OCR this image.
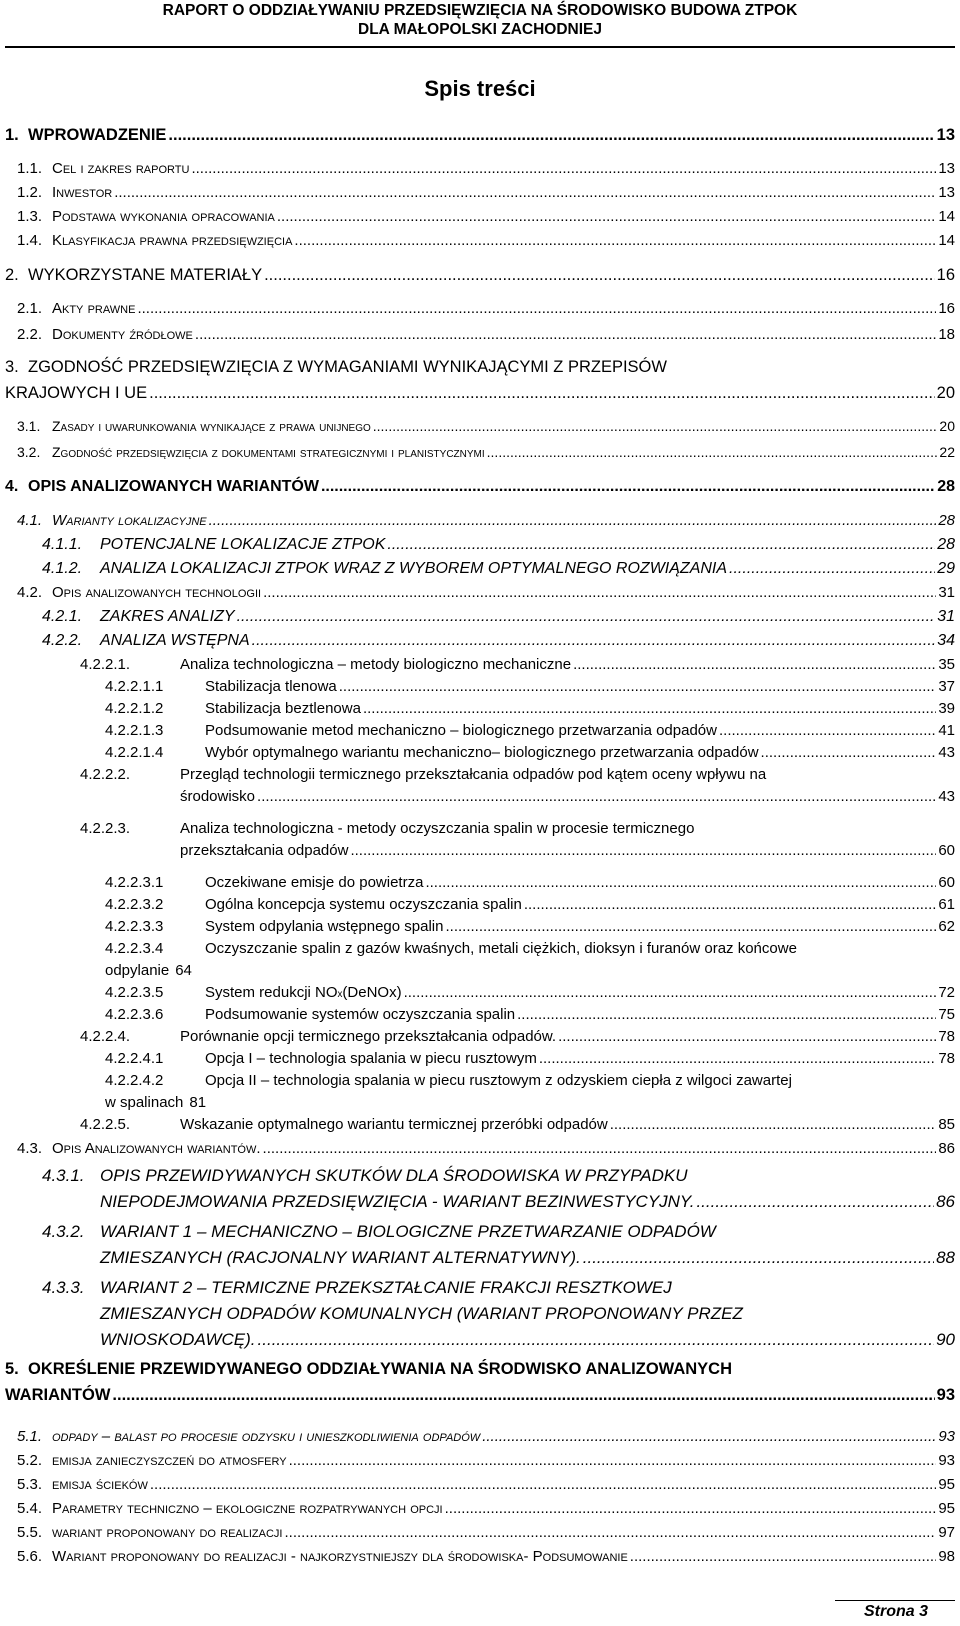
RAPORT O ODDZIAŁYWANIU PRZEDSIĘWZIĘCIA NA ŚRODOWISKO BUDOWA ZTPOK
DLA MAŁOPOLSKI ZACHODNIEJ
Spis treści
1. WPROWADZENIE .....	13
1.1. Cel i zakres raportu .....	13
1.2. Inwestor .....	13
1.3. Podstawa wykonania opracowania .....	14
1.4. Klasyfikacja prawna przedsięwzięcia .....	14
2. WYKORZYSTANE MATERIAŁY .....	16
2.1. Akty prawne .....	16
2.2. Dokumenty źródłowe .....	18
3. ZGODNOŚĆ PRZEDSIĘWZIĘCIA Z WYMAGANIAMI WYNIKAJĄCYMI Z PRZEPISÓW
KRAJOWYCH I UE .....	20
3.1. Zasady i uwarunkowania wynikające z prawa unijnego .....	20
3.2. Zgodność przedsięwzięcia z dokumentami strategicznymi i planistycznymi .....	22
4. OPIS ANALIZOWANYCH WARIANTÓW .....	28
4.1. Warianty lokalizacyjne .....	28
4.1.1. POTENCJALNE LOKALIZACJE ZTPOK .....	28
4.1.2. ANALIZA LOKALIZACJI ZTPOK WRAZ Z WYBOREM OPTYMALNEGO ROZWIĄZANIA .....	29
4.2. Opis analizowanych technologii .....	31
4.2.1. ZAKRES ANALIZY .....	31
4.2.2. ANALIZA WSTĘPNA .....	34
4.2.2.1.	Analiza technologiczna – metody biologiczno mechaniczne .....	35
4.2.2.1.1	Stabilizacja tlenowa .....	37
4.2.2.1.2	Stabilizacja beztlenowa .....	39
4.2.2.1.3	Podsumowanie metod mechaniczno – biologicznego przetwarzania odpadów .....	41
4.2.2.1.4	Wybór optymalnego wariantu mechaniczno– biologicznego przetwarzania odpadów .....	43
4.2.2.2.	Przegląd technologii termicznego przekształcania odpadów pod kątem oceny wpływu na
środowisko .....	43
4.2.2.3.	Analiza technologiczna - metody oczyszczania spalin w procesie termicznego
przekształcania odpadów .....	60
4.2.2.3.1	Oczekiwane emisje do powietrza .....	60
4.2.2.3.2	Ogólna koncepcja systemu oczyszczania spalin .....	61
4.2.2.3.3	System odpylania wstępnego spalin .....	62
4.2.2.3.4	Oczyszczanie spalin z gazów kwaśnych, metali ciężkich, dioksyn i furanów oraz końcowe
odpylanie 64
4.2.2.3.5	System redukcji NO x (DeNOx) .....	72
4.2.2.3.6	Podsumowanie systemów oczyszczania spalin .....	75
4.2.2.4.	Porównanie opcji termicznego przekształcania odpadów. .....	78
4.2.2.4.1	Opcja I – technologia spalania w piecu rusztowym .....	78
4.2.2.4.2	Opcja II – technologia spalania w piecu rusztowym z odzyskiem ciepła z wilgoci zawartej
w spalinach 81
4.2.2.5.	Wskazanie optymalnego wariantu termicznej przeróbki odpadów .....	85
4.3. Opis Analizowanych wariantów. .....	86
4.3.1. OPIS PRZEWIDYWANYCH SKUTKÓW DLA ŚRODOWISKA W PRZYPADKU
NIEPODEJMOWANIA PRZEDSIĘWZIĘCIA - WARIANT BEZINWESTYCYJNY. .....	86
4.3.2. WARIANT 1 – MECHANICZNO – BIOLOGICZNE PRZETWARZANIE ODPADÓW
ZMIESZANYCH (RACJONALNY WARIANT ALTERNATYWNY). .....	88
4.3.3. WARIANT 2 – TERMICZNE PRZEKSZTAŁCANIE FRAKCJI RESZTKOWEJ
ZMIESZANYCH ODPADÓW KOMUNALNYCH (WARIANT PROPONOWANY PRZEZ
WNIOSKODAWCĘ). .....	90
5. OKREŚLENIE PRZEWIDYWANEGO ODDZIAŁYWANIA NA ŚRODWISKO ANALIZOWANYCH
WARIANTÓW .....	93
5.1. odpady – balast po procesie odzysku i unieszkodliwienia odpadów .....	93
5.2. emisja zanieczyszczeń do atmosfery .....	93
5.3. emisja ścieków .....	95
5.4. Parametry techniczno – ekologiczne rozpatrywanych opcji .....	95
5.5. wariant proponowany do realizacji .....	97
5.6. Wariant proponowany do realizacji - najkorzystniejszy dla środowiska- Podsumowanie .....	98
Strona 3
